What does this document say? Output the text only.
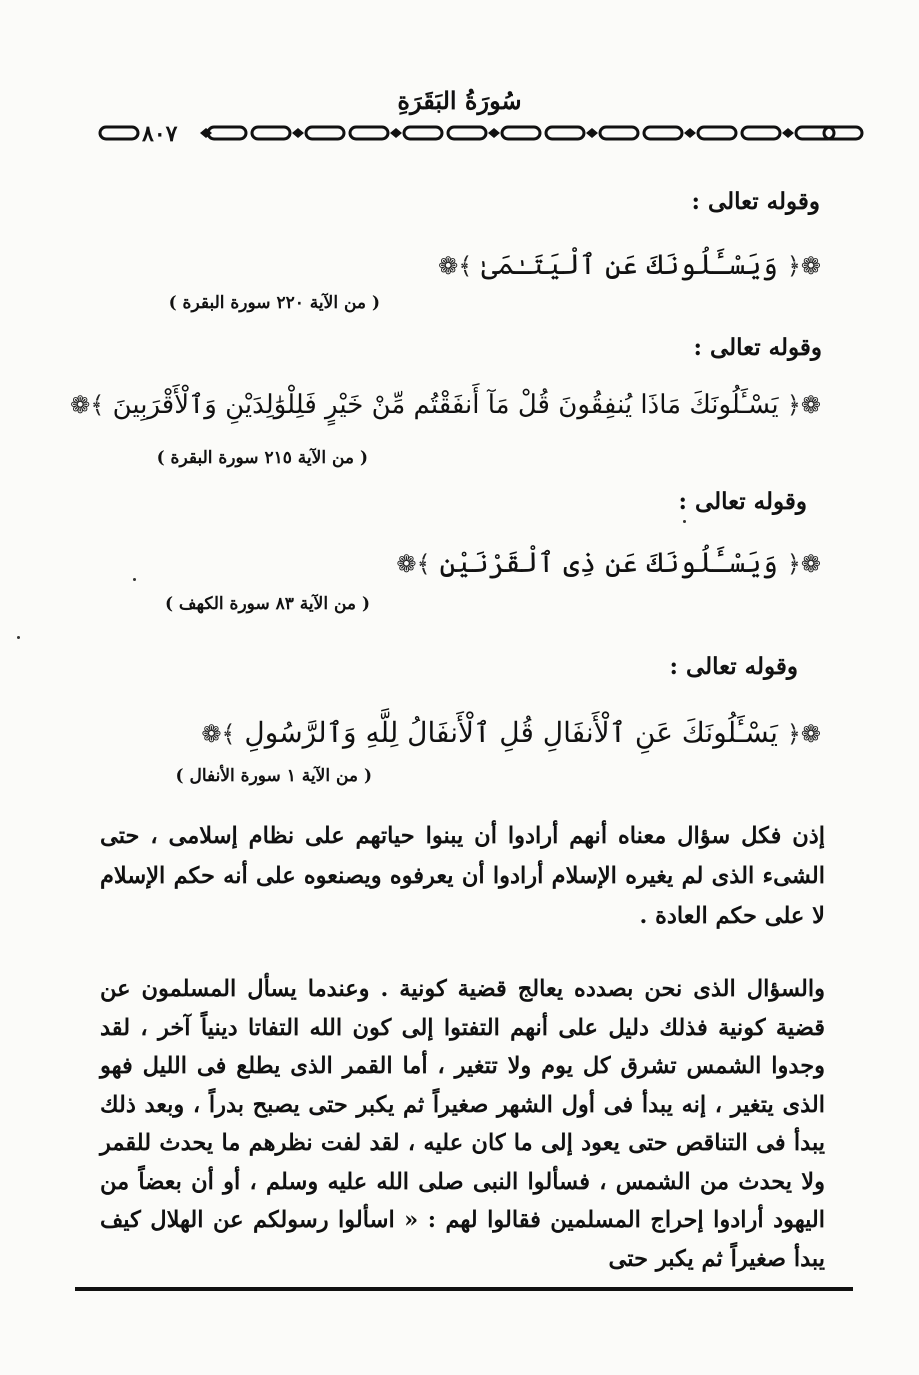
سُورَةُ البَقَرَةِ
٨٠٧
وقوله تعالى :
❁﴿ وَيَسْـَٔلُونَكَ عَنِ ٱلْيَتَـٰمَىٰ ﴾❁
( من الآية ٢٢٠ سورة البقرة )
وقوله تعالى :
❁﴿ يَسْـَٔلُونَكَ مَاذَا يُنفِقُونَ قُلْ مَآ أَنفَقْتُم مِّنْ خَيْرٍ فَلِلْوَٰلِدَيْنِ وَٱلْأَقْرَبِينَ ﴾❁
( من الآية ٢١٥ سورة البقرة )
وقوله تعالى :
❁﴿ وَيَسْـَٔلُونَكَ عَن ذِى ٱلْقَرْنَيْنِ ﴾❁
( من الآية ٨٣ سورة الكهف )
وقوله تعالى :
❁﴿ يَسْـَٔلُونَكَ عَنِ ٱلْأَنفَالِ قُلِ ٱلْأَنفَالُ لِلَّهِ وَٱلرَّسُولِ ﴾❁
( من الآية ١ سورة الأنفال )
إذن فكل سؤال معناه أنهم أرادوا أن يبنوا حياتهم على نظام إسلامى ، حتى الشىء الذى لم يغيره الإسلام أرادوا أن يعرفوه ويصنعوه على أنه حكم الإسلام لا على حكم العادة .
والسؤال الذى نحن بصدده يعالج قضية كونية . وعندما يسأل المسلمون عن قضية كونية فذلك دليل على أنهم التفتوا إلى كون الله التفاتا دينياً آخر ، لقد وجدوا الشمس تشرق كل يوم ولا تتغير ، أما القمر الذى يطلع فى الليل فهو الذى يتغير ، إنه يبدأ فى أول الشهر صغيراً ثم يكبر حتى يصبح بدراً ، وبعد ذلك يبدأ فى التناقص حتى يعود إلى ما كان عليه ، لقد لفت نظرهم ما يحدث للقمر ولا يحدث من الشمس ، فسألوا النبى صلى الله عليه وسلم ، أو أن بعضاً من اليهود أرادوا إحراج المسلمين فقالوا لهم : « اسألوا رسولكم عن الهلال كيف يبدأ صغيراً ثم يكبر حتى
